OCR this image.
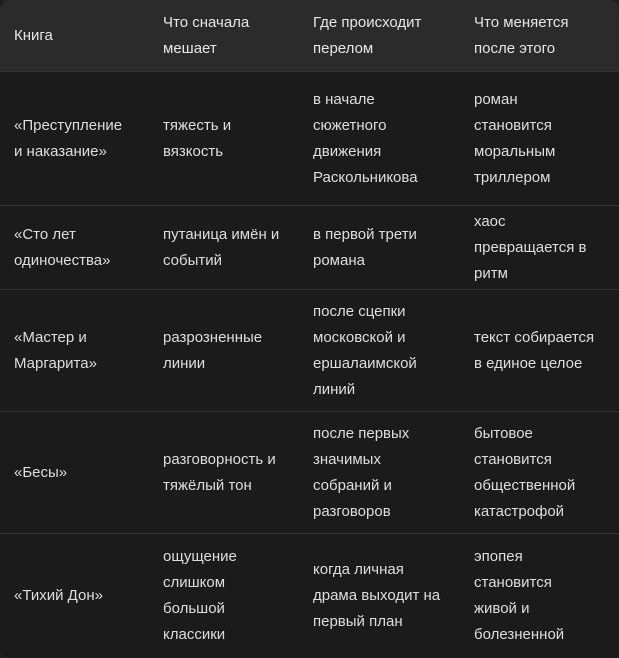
Книга
Что сначала
мешает
Где происходит
перелом
Что меняется
после этого
«Преступление
и наказание»
тяжесть и
вязкость
в начале
сюжетного
движения
Раскольникова
роман
становится
моральным
триллером
«Сто лет
одиночества»
путаница имён и
событий
в первой трети
романа
хаос
превращается в
ритм
«Мастер и
Маргарита»
разрозненные
линии
после сцепки
московской и
ершалаимской
линий
текст собирается
в единое целое
«Бесы»
разговорность и
тяжёлый тон
после первых
значимых
собраний и
разговоров
бытовое
становится
общественной
катастрофой
«Тихий Дон»
ощущение
слишком
большой
классики
когда личная
драма выходит на
первый план
эпопея
становится
живой и
болезненной
